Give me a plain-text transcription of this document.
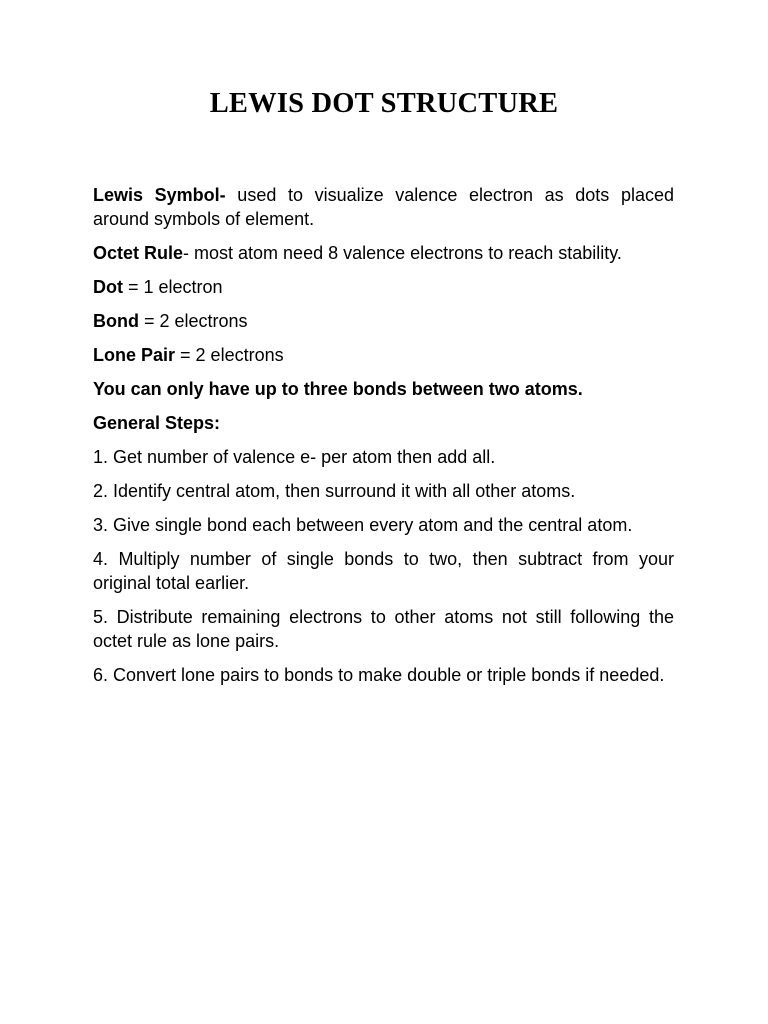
LEWIS DOT STRUCTURE

Lewis Symbol- used to visualize valence electron as dots placed around symbols of element.

Octet Rule- most atom need 8 valence electrons to reach stability.

Dot = 1 electron

Bond = 2 electrons

Lone Pair = 2 electrons

You can only have up to three bonds between two atoms.

General Steps:

1. Get number of valence e- per atom then add all.

2. Identify central atom, then surround it with all other atoms.

3. Give single bond each between every atom and the central atom.

4. Multiply number of single bonds to two, then subtract from your original total earlier.

5. Distribute remaining electrons to other atoms not still following the octet rule as lone pairs.

6. Convert lone pairs to bonds to make double or triple bonds if needed.
